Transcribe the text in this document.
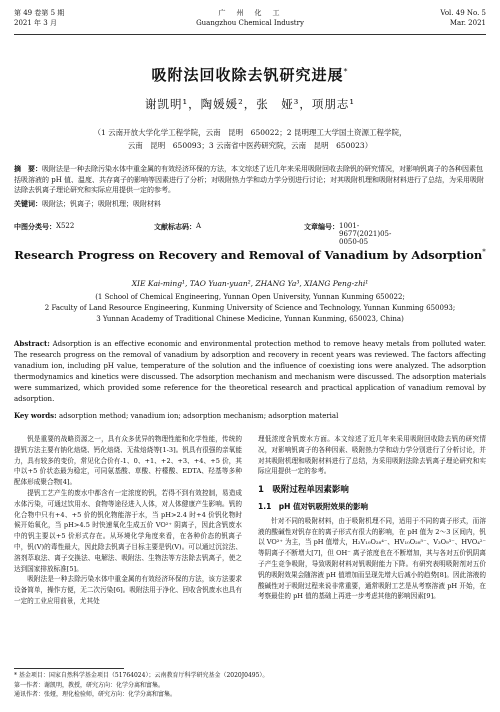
第 49 卷第 5 期
2021 年 3 月
广　州　化　工
Guangzhou Chemical Industry
Vol. 49 No. 5
Mar. 2021
吸附法回收除去钒研究进展*
谢凯明¹，陶媛媛²，张　娅³，项朋志¹
（1 云南开放大学化学工程学院，云南　昆明　650022；2 昆明理工大学国土资源工程学院，
云南　昆明　650093；3 云南省中医药研究院，云南　昆明　650023）
摘　要：吸附法是一种去除污染水体中重金属的有效经济环保的方法，本文综述了近几年来采用吸附回收去除钒的研究情况，对影响钒离子的各种因素包括吸溶液的 pH 值、温度、共存离子的影响等因素进行了分析；对吸附热力学和动力学分别进行讨论；对其吸附机理和吸附材料进行了总结，为采用吸附法除去钒离子理论研究和实际应用提供一定的参考。
关键词：吸附法；钒离子；吸附机理；吸附材料
中图分类号： X522	文献标志码： A	文章编号： 1001-9677(2021)05-0050-05
Research Progress on Recovery and Removal of Vanadium by Adsorption*
XIE Kai-ming¹, TAO Yuan-yuan², ZHANG Ya³, XIANG Peng-zhi¹
(1 School of Chemical Engineering, Yunnan Open University, Yunnan Kunming 650022;
2 Faculty of Land Resource Engineering, Kunming University of Science and Technology, Yunnan Kunming 650093;
3 Yunnan Academy of Traditional Chinese Medicine, Yunnan Kunming, 650023, China)
Abstract: Adsorption is an effective economic and environmental protection method to remove heavy metals from polluted water. The research progress on the removal of vanadium by adsorption and recovery in recent years was reviewed. The factors affecting vanadium ion, including pH value, temperature of the solution and the influence of coexisting ions were analyzed. The adsorption thermodynamics and kinetics were discussed. The adsorption mechanism and mechanism were discussed. The adsorption materials were summarized, which provided some reference for the theoretical research and practical application of vanadium removal by adsorption.
Key words: adsorption method; vanadium ion; adsorption mechanism; adsorption material

钒是重要的战略资源之一，具有众多优异的物理性能和化学性能，传统的提钒方法主要有钠化焙烧、钙化焙烧、无盐焙烧等[1-3]。钒具有很强的亲氧能力，具有较多的变价，常见化合价有-1、0、+1、+2、+3、+4、+5 价，其中以+5 价状态最为稳定，可同氨基酸、草酸、柠檬酸、EDTA、羟基等多种配体形成聚合物[4]。

提钒工艺产生的废水中都含有一定浓度的钒，若得不到有效控制，易造成水体污染，可通过饮用水、食物等途径进入人体，对人体健康产生影响。钒的化合物中只有+4、+5 价的钒化物能溶于水，当 pH>2.4 时+4 价钒化物时候开始氧化，当 pH>4.5 时快速氧化生成五价 VO²⁺ 阴离子，因此含钒废水中的钒主要以+5 价形式存在。从环境化学角度来看，在各种价态的钒离子中，钒(V)的毒性最大，因此除去钒离子目标主要是钒(V)。可以通过沉淀法、溶剂萃取法、离子交换法、电解法、吸附法、生物法等方法除去钒离子，使之达到国家排放标准[5]。

吸附法是一种去除污染水体中重金属的有效经济环保的方法，该方法要求设备简单，操作方便，无二次污染[6]。吸附法用于净化、回收含钒废水也具有一定的工业应用前景，尤其处

理低浓度含钒废水方面。本文综述了近几年来采用吸附回收除去钒的研究情况，对影响钒离子的各种因素、吸附热力学和动力学分别进行了分析讨论，并对其吸附机理和吸附材料进行了总结，为采用吸附法除去钒离子理论研究和实际应用提供一定的参考。

1　吸附过程单因素影响
1.1　pH 值对钒吸附效果的影响

针对不同的吸附材料，由于吸附机理不同，适用于不同的离子形式，而溶液的酸碱性对钒存在的离子形式有很大的影响，在 pH 值为 2～3 区间内，钒以 VO²⁺ 为主，当 pH 值增大，H₂V₁₀O₂₈⁴⁻、HV₁₀O₂₈⁵⁻、V₃O₉³⁻、HVO₄²⁻ 等阴离子不断增大[7]，但 OH⁻ 离子浓度也在不断增加，其与各对五价钒阴离子产生竞争吸附，导致吸附材料对钒吸附能力下降。有研究表明吸附剂对五价钒的吸附效果会随溶液 pH 值增加而呈现先增大后减小的趋势[8]。因此溶液的酸碱性对于吸附过程来说非常重要，通常吸附工艺是从考察溶液 pH 开始，在考察最佳的 pH 值的基础上再进一步考虑其他的影响因素[9]。

* 基金项目：国家自然科学基金项目（51764024）；云南教育厅科学研究基金（2020J0495）。
第一作者：谢凯明，教授，研究方向：化学分离和富集。
通讯作者：张娅，理化检验师，研究方向：化学分离和富集。
